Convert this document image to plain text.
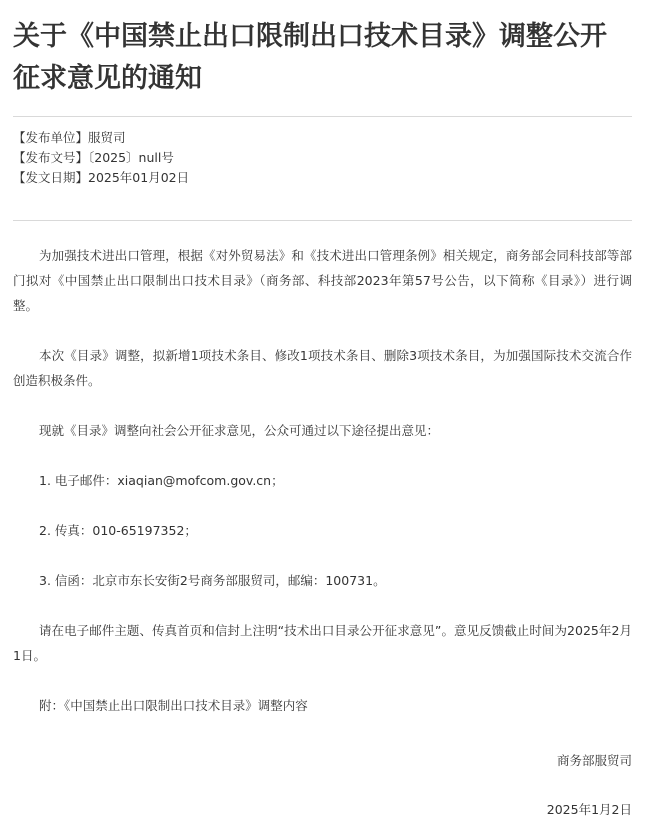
关于《中国禁止出口限制出口技术目录》调整公开征求意见的通知
【发布单位】服贸司
【发布文号】〔2025〕null号
【发文日期】2025年01月02日

为加强技术进出口管理，根据《对外贸易法》和《技术进出口管理条例》相关规定，商务部会同科技部等部门拟对《中国禁止出口限制出口技术目录》（商务部、科技部2023年第57号公告，以下简称《目录》）进行调整。

本次《目录》调整，拟新增1项技术条目、修改1项技术条目、删除3项技术条目，为加强国际技术交流合作创造积极条件。

现就《目录》调整向社会公开征求意见，公众可通过以下途径提出意见：

1. 电子邮件：xiaqian@mofcom.gov.cn；

2. 传真：010-65197352；

3. 信函：北京市东长安街2号商务部服贸司，邮编：100731。

请在电子邮件主题、传真首页和信封上注明“技术出口目录公开征求意见”。意见反馈截止时间为2025年2月1日。

附：《中国禁止出口限制出口技术目录》调整内容

商务部服贸司
2025年1月2日
